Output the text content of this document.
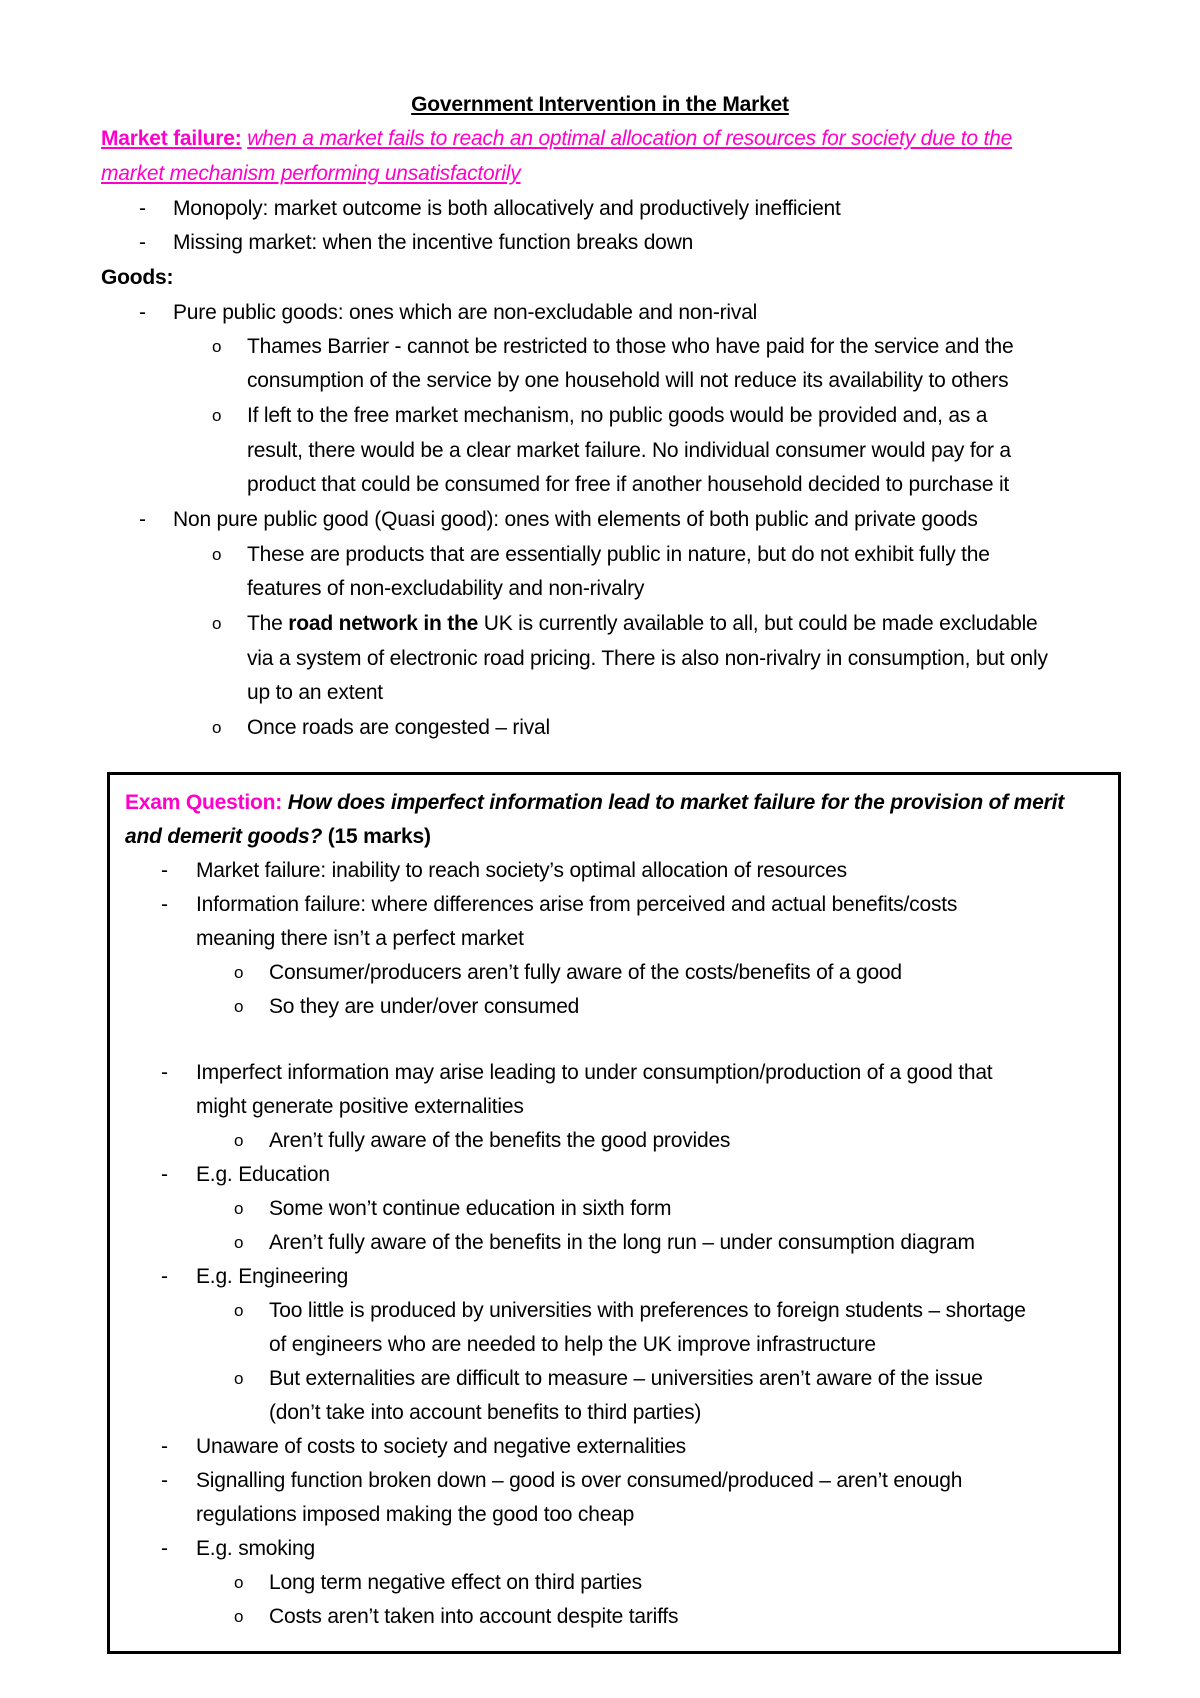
Government Intervention in the Market
Market failure: when a market fails to reach an optimal allocation of resources for society due to the
market mechanism performing unsatisfactorily
- Monopoly: market outcome is both allocatively and productively inefficient
- Missing market: when the incentive function breaks down
Goods:
- Pure public goods: ones which are non-excludable and non-rival
o Thames Barrier - cannot be restricted to those who have paid for the service and the
consumption of the service by one household will not reduce its availability to others
o If left to the free market mechanism, no public goods would be provided and, as a
result, there would be a clear market failure. No individual consumer would pay for a
product that could be consumed for free if another household decided to purchase it
- Non pure public good (Quasi good): ones with elements of both public and private goods
o These are products that are essentially public in nature, but do not exhibit fully the
features of non-excludability and non-rivalry
o The road network in the UK is currently available to all, but could be made excludable
via a system of electronic road pricing. There is also non-rivalry in consumption, but only
up to an extent
o Once roads are congested – rival
Exam Question: How does imperfect information lead to market failure for the provision of merit
and demerit goods? (15 marks)
- Market failure: inability to reach society’s optimal allocation of resources
- Information failure: where differences arise from perceived and actual benefits/costs
meaning there isn’t a perfect market
o Consumer/producers aren’t fully aware of the costs/benefits of a good
o So they are under/over consumed
- Imperfect information may arise leading to under consumption/production of a good that
might generate positive externalities
o Aren’t fully aware of the benefits the good provides
- E.g. Education
o Some won’t continue education in sixth form
o Aren’t fully aware of the benefits in the long run – under consumption diagram
- E.g. Engineering
o Too little is produced by universities with preferences to foreign students – shortage
of engineers who are needed to help the UK improve infrastructure
o But externalities are difficult to measure – universities aren’t aware of the issue
(don’t take into account benefits to third parties)
- Unaware of costs to society and negative externalities
- Signalling function broken down – good is over consumed/produced – aren’t enough
regulations imposed making the good too cheap
- E.g. smoking
o Long term negative effect on third parties
o Costs aren’t taken into account despite tariffs
